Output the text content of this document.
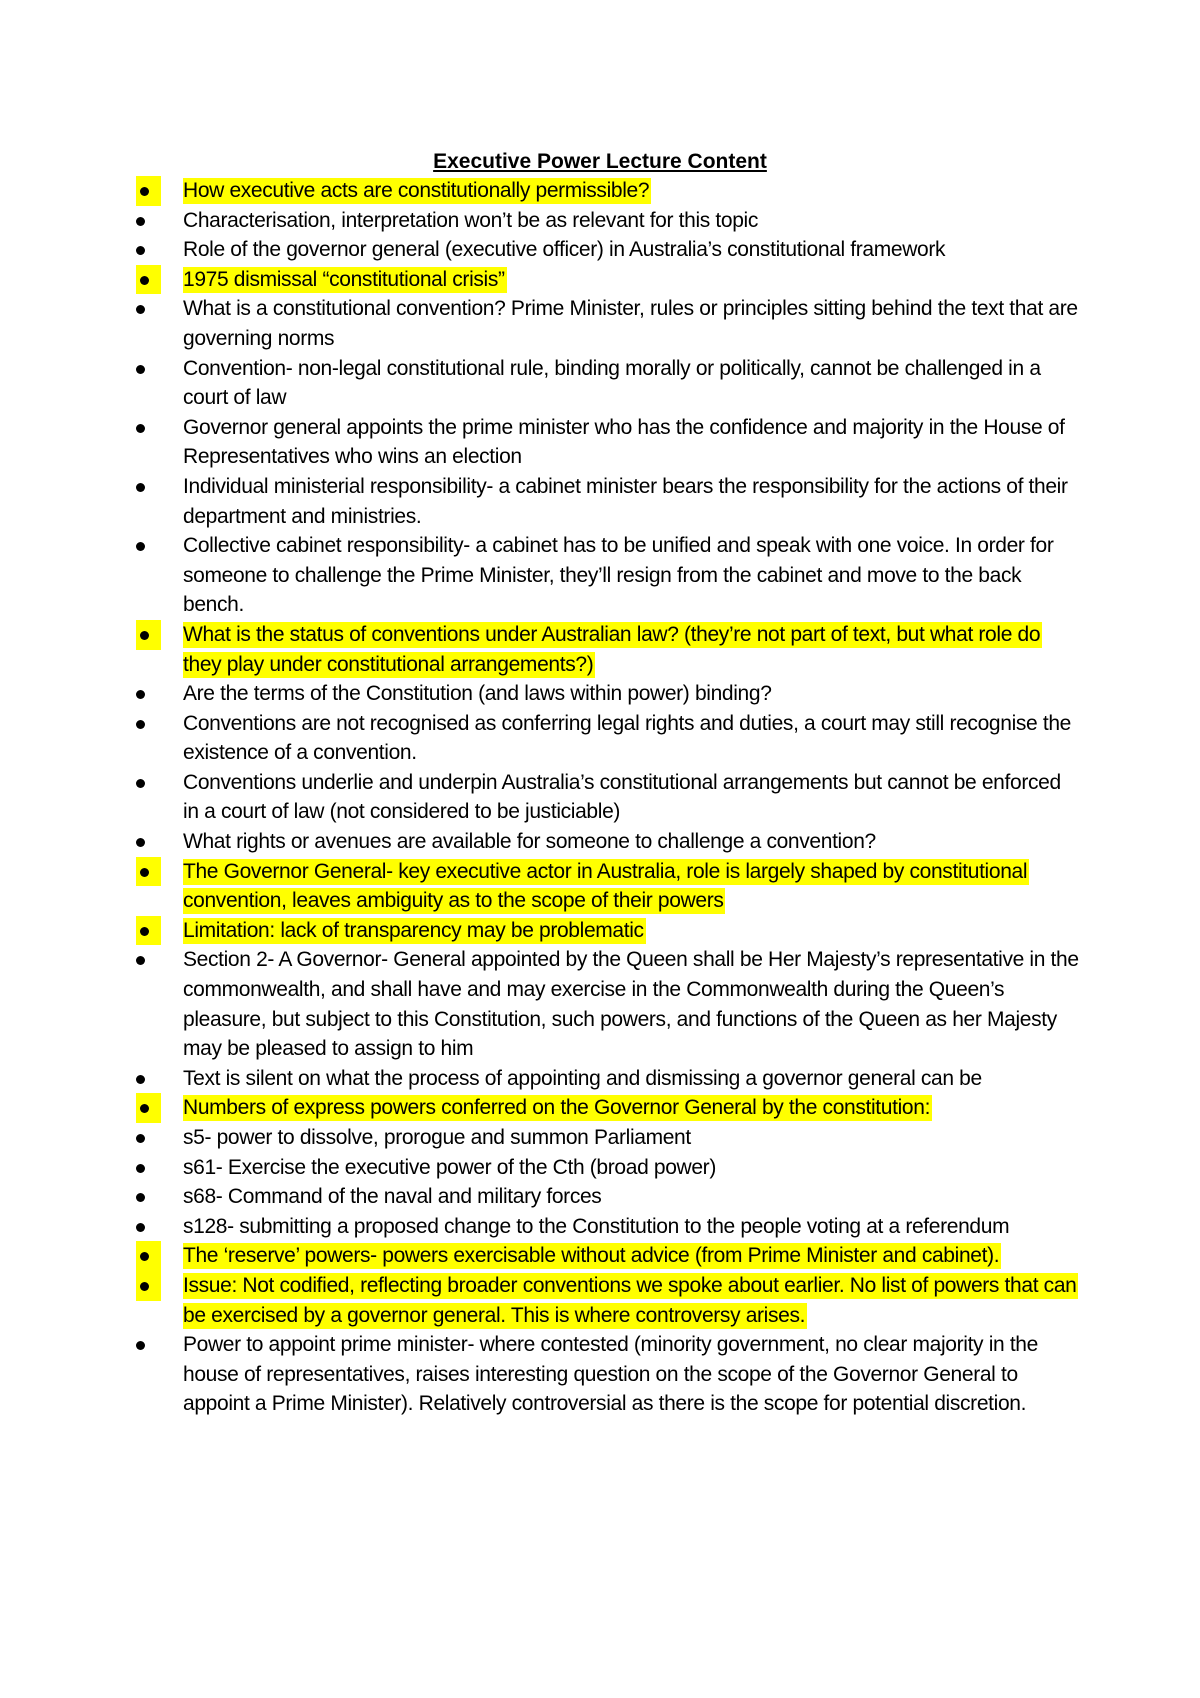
Executive Power Lecture Content
How executive acts are constitutionally permissible?
Characterisation, interpretation won’t be as relevant for this topic
Role of the governor general (executive officer) in Australia’s constitutional framework
1975 dismissal “constitutional crisis”
What is a constitutional convention? Prime Minister, rules or principles sitting behind the text that are governing norms
Convention- non-legal constitutional rule, binding morally or politically, cannot be challenged in a court of law
Governor general appoints the prime minister who has the confidence and majority in the House of Representatives who wins an election
Individual ministerial responsibility- a cabinet minister bears the responsibility for the actions of their department and ministries.
Collective cabinet responsibility- a cabinet has to be unified and speak with one voice. In order for someone to challenge the Prime Minister, they’ll resign from the cabinet and move to the back bench.
What is the status of conventions under Australian law? (they’re not part of text, but what role do they play under constitutional arrangements?)
Are the terms of the Constitution (and laws within power) binding?
Conventions are not recognised as conferring legal rights and duties, a court may still recognise the existence of a convention.
Conventions underlie and underpin Australia’s constitutional arrangements but cannot be enforced in a court of law (not considered to be justiciable)
What rights or avenues are available for someone to challenge a convention?
The Governor General- key executive actor in Australia, role is largely shaped by constitutional convention, leaves ambiguity as to the scope of their powers
Limitation: lack of transparency may be problematic
Section 2- A Governor- General appointed by the Queen shall be Her Majesty’s representative in the commonwealth, and shall have and may exercise in the Commonwealth during the Queen’s pleasure, but subject to this Constitution, such powers, and functions of the Queen as her Majesty may be pleased to assign to him
Text is silent on what the process of appointing and dismissing a governor general can be
Numbers of express powers conferred on the Governor General by the constitution:
s5- power to dissolve, prorogue and summon Parliament
s61- Exercise the executive power of the Cth (broad power)
s68- Command of the naval and military forces
s128- submitting a proposed change to the Constitution to the people voting at a referendum
The ‘reserve’ powers- powers exercisable without advice (from Prime Minister and cabinet).
Issue: Not codified, reflecting broader conventions we spoke about earlier. No list of powers that can be exercised by a governor general. This is where controversy arises.
Power to appoint prime minister- where contested (minority government, no clear majority in the house of representatives, raises interesting question on the scope of the Governor General to appoint a Prime Minister). Relatively controversial as there is the scope for potential discretion.
